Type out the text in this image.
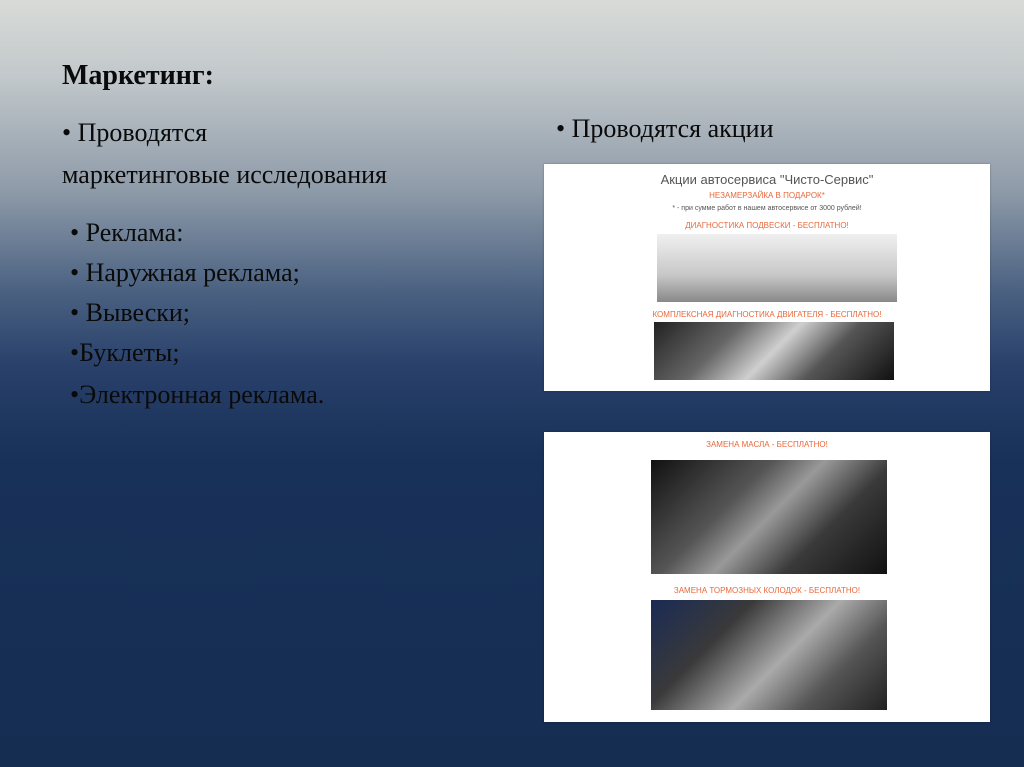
Маркетинг:
• Проводятся
маркетинговые исследования
• Реклама:
• Наружная реклама;
• Вывески;
•Буклеты;
•Электронная реклама.
• Проводятся акции
Акции автосервиса "Чисто-Сервис"
НЕЗАМЕРЗАЙКА В ПОДАРОК*
* - при сумме работ в нашем автосервисе от 3000 рублей!
ДИАГНОСТИКА ПОДВЕСКИ - БЕСПЛАТНО!
КОМПЛЕКСНАЯ ДИАГНОСТИКА ДВИГАТЕЛЯ - БЕСПЛАТНО!
ЗАМЕНА МАСЛА - БЕСПЛАТНО!
ЗАМЕНА ТОРМОЗНЫХ КОЛОДОК - БЕСПЛАТНО!
